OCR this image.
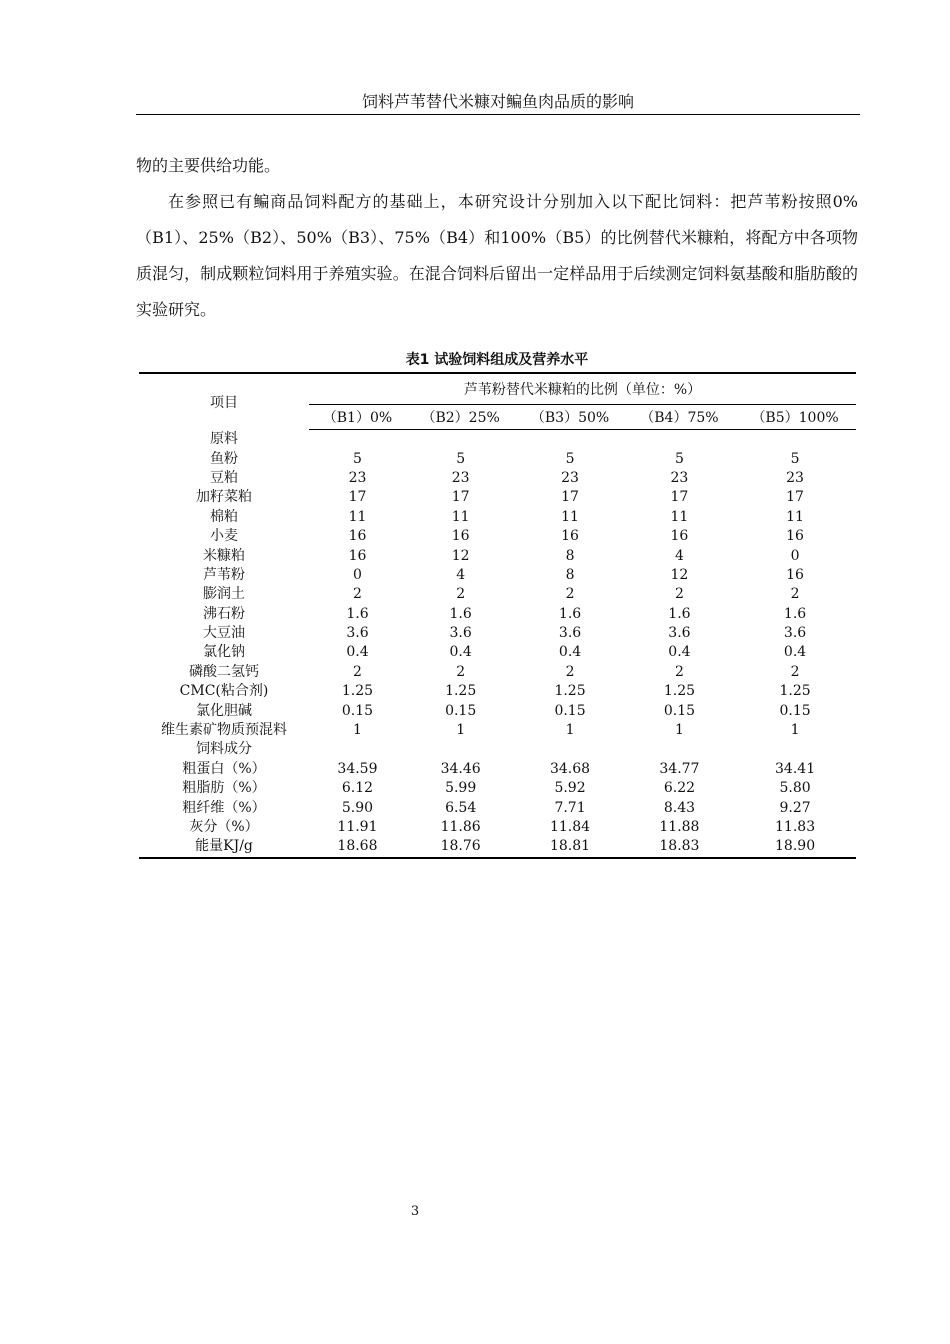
饲料芦苇替代米糠对鳊鱼肉品质的影响

物的主要供给功能。

在参照已有鳊商品饲料配方的基础上，本研究设计分别加入以下配比饲料：把芦苇粉按照0%（B1）、25%（B2）、50%（B3）、75%（B4）和100%（B5）的比例替代米糠粕，将配方中各项物质混匀，制成颗粒饲料用于养殖实验。在混合饲料后留出一定样品用于后续测定饲料氨基酸和脂肪酸的实验研究。

表1 试验饲料组成及营养水平
项目	芦苇粉替代米糠粕的比例（单位：%）				
	（B1）0%	（B2）25%	（B3）50%	（B4）75%	（B5）100%
原料					
鱼粉	5	5	5	5	5
豆粕	23	23	23	23	23
加籽菜粕	17	17	17	17	17
棉粕	11	11	11	11	11
小麦	16	16	16	16	16
米糠粕	16	12	8	4	0
芦苇粉	0	4	8	12	16
膨润土	2	2	2	2	2
沸石粉	1.6	1.6	1.6	1.6	1.6
大豆油	3.6	3.6	3.6	3.6	3.6
氯化钠	0.4	0.4	0.4	0.4	0.4
磷酸二氢钙	2	2	2	2	2
CMC(粘合剂)	1.25	1.25	1.25	1.25	1.25
氯化胆碱	0.15	0.15	0.15	0.15	0.15
维生素矿物质预混料	1	1	1	1	1
饲料成分					
粗蛋白（%）	34.59	34.46	34.68	34.77	34.41
粗脂肪（%）	6.12	5.99	5.92	6.22	5.80
粗纤维（%）	5.90	6.54	7.71	8.43	9.27
灰分（%）	11.91	11.86	11.84	11.88	11.83
能量KJ/g	18.68	18.76	18.81	18.83	18.90
3
